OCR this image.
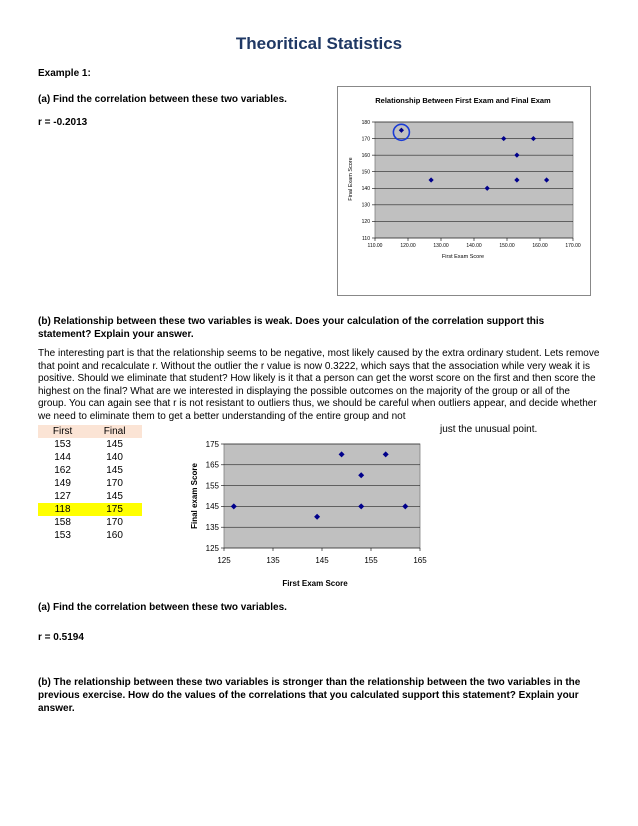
Theoritical Statistics
Example 1:
(a) Find the correlation between these two variables.
r = -0.2013
Relationship Between First Exam and Final Exam
110
120
130
140
150
160
170
180
110.00	120.00	130.00	140.00	150.00	160.00	170.00
First Exam Score
Final Exam Score
(b) Relationship between these two variables is weak. Does your calculation of the correlation support this statement? Explain your answer.
The interesting part is that the relationship seems to be negative, most likely caused by the extra ordinary student. Lets remove that point and recalculate r. Without the outlier the r value is now 0.3222, which says that the association while very weak it is positive. Should we eliminate that student? How likely is it that a person can get the worst score on the first and then score the highest on the final? What are we interested in displaying the possible outcomes on the majority of the group or all of the group. You can again see that r is not resistant to outliers thus, we should be careful when outliers appear, and decide whether we need to eliminate them to get a better understanding of the entire group and not
just the unusual point.
First	Final
153	145
144	140
162	145
149	170
127	145
118	175
158	170
153	160
125
135
145
155
165
175
125	135	145	155	165
First Exam Score
Final exam Score
(a) Find the correlation between these two variables.
r = 0.5194
(b) The relationship between these two variables is stronger than the relationship between the two variables in the previous exercise. How do the values of the correlations that you calculated support this statement? Explain your answer.
